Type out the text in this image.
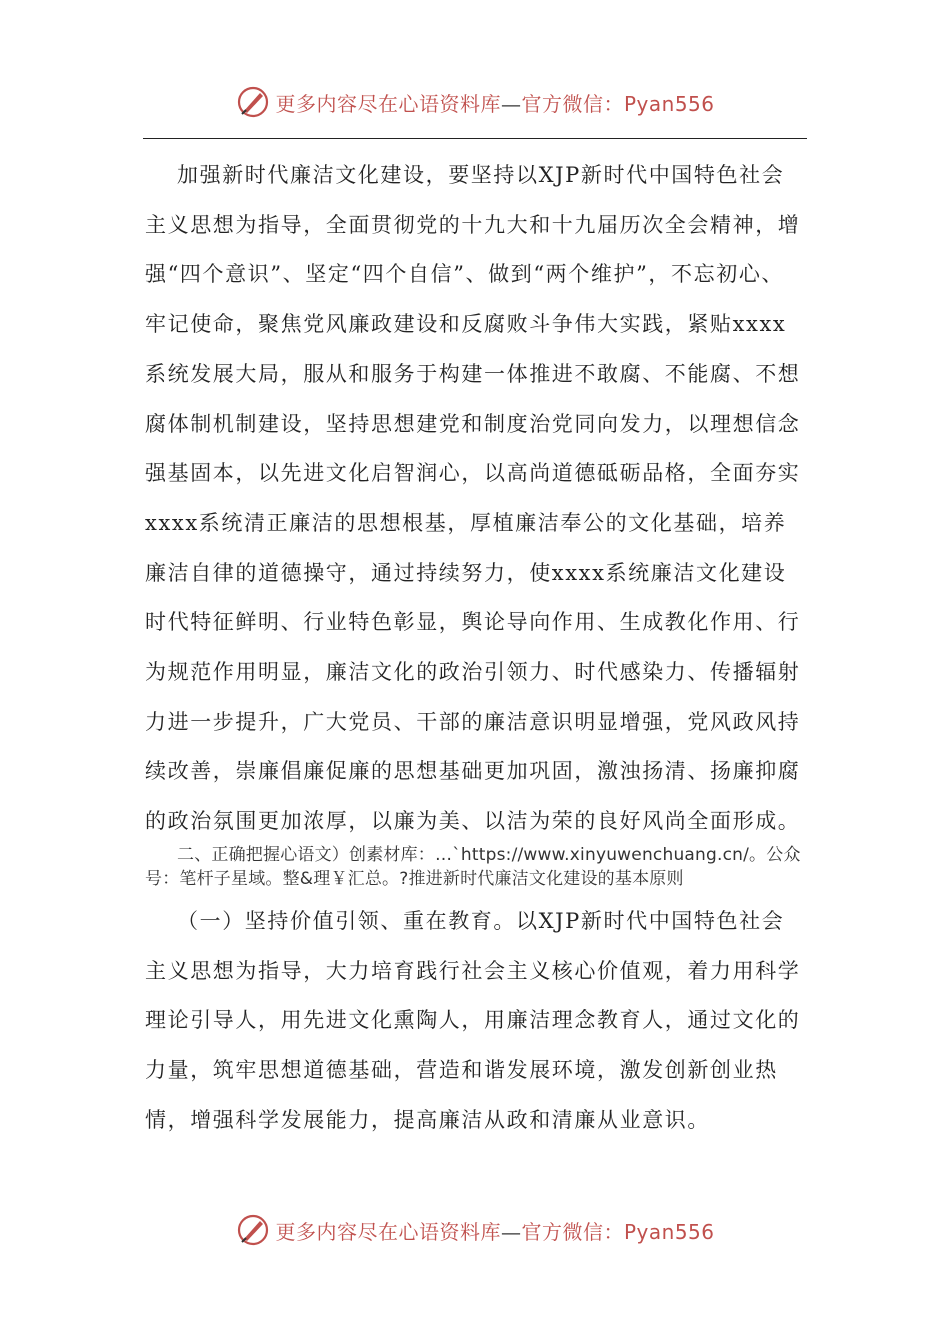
更多内容尽在心语资料库—官方微信：Pyan556
加强新时代廉洁文化建设，要坚持以XJP新时代中国特色社会主义思想为指导，全面贯彻党的十九大和十九届历次全会精神，增强“四个意识”、坚定“四个自信”、做到“两个维护”，不忘初心、牢记使命，聚焦党风廉政建设和反腐败斗争伟大实践，紧贴xxxx系统发展大局，服从和服务于构建一体推进不敢腐、不能腐、不想腐体制机制建设，坚持思想建党和制度治党同向发力，以理想信念强基固本，以先进文化启智润心，以高尚道德砥砺品格，全面夯实xxxx系统清正廉洁的思想根基，厚植廉洁奉公的文化基础，培养廉洁自律的道德操守，通过持续努力，使xxxx系统廉洁文化建设时代特征鲜明、行业特色彰显，舆论导向作用、生成教化作用、行为规范作用明显，廉洁文化的政治引领力、时代感染力、传播辐射力进一步提升，广大党员、干部的廉洁意识明显增强，党风政风持续改善，崇廉倡廉促廉的思想基础更加巩固，激浊扬清、扬廉抑腐的政治氛围更加浓厚，以廉为美、以洁为荣的良好风尚全面形成。
二、正确把握心语文）创素材库：…`https://www.xinyuwenchuang.cn/。公众号：笔杆子星域。整&理￥汇总。?推进新时代廉洁文化建设的基本原则
（一）坚持价值引领、重在教育。以XJP新时代中国特色社会主义思想为指导，大力培育践行社会主义核心价值观，着力用科学理论引导人，用先进文化熏陶人，用廉洁理念教育人，通过文化的力量，筑牢思想道德基础，营造和谐发展环境，激发创新创业热情，增强科学发展能力，提高廉洁从政和清廉从业意识。
更多内容尽在心语资料库—官方微信：Pyan556
